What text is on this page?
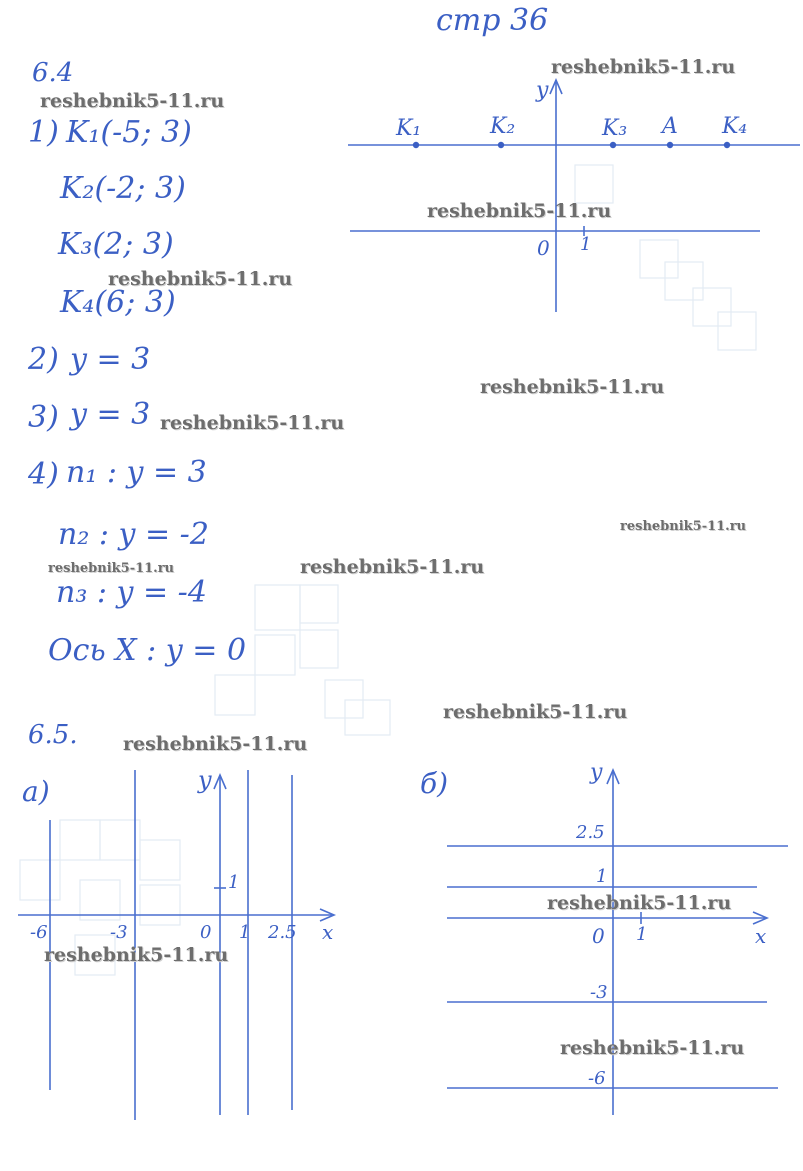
стр 36
6.4
1) K₁(-5; 3)
K₂(-2; 3)
K₃(2; 3)
K₄(6; 3)
2) y = 3
3) y = 3
4) n₁ : y = 3
n₂ : y = -2
n₃ : y = -4
Ось X : y = 0
y
0 1
K₁	K₂	K₃ A K₄
6.5.
а)	y
x
1
-6	-3	0 1 2.5
б)	y
x
0 1
2.5
1
-3
-6
reshebnik5-11.ru
reshebnik5-11.ru
reshebnik5-11.ru
reshebnik5-11.ru
reshebnik5-11.ru
reshebnik5-11.ru
reshebnik5-11.ru
reshebnik5-11.ru	reshebnik5-11.ru
reshebnik5-11.ru
reshebnik5-11.ru
reshebnik5-11.ru
reshebnik5-11.ru
reshebnik5-11.ru
